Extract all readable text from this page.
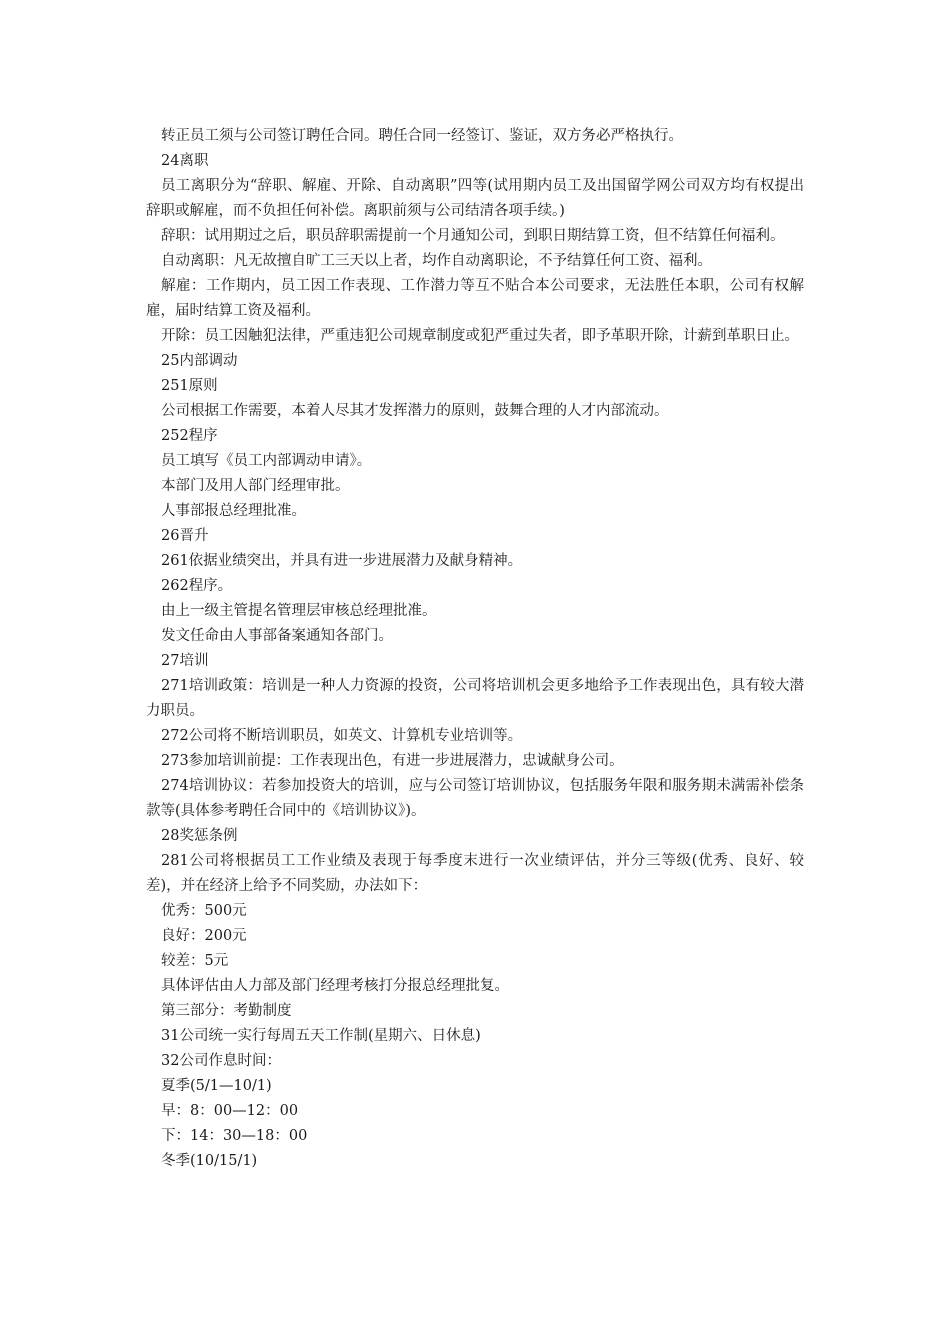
转正员工须与公司签订聘任合同。聘任合同一经签订、鉴证，双方务必严格执行。

24离职

员工离职分为“辞职、解雇、开除、自动离职”四等(试用期内员工及出国留学网公司双方均有权提出辞职或解雇，而不负担任何补偿。离职前须与公司结清各项手续。)

辞职：试用期过之后，职员辞职需提前一个月通知公司，到职日期结算工资，但不结算任何福利。

自动离职：凡无故擅自旷工三天以上者，均作自动离职论，不予结算任何工资、福利。

解雇：工作期内，员工因工作表现、工作潜力等互不贴合本公司要求，无法胜任本职，公司有权解雇，届时结算工资及福利。

开除：员工因触犯法律，严重违犯公司规章制度或犯严重过失者，即予革职开除，计薪到革职日止。

25内部调动

251原则

公司根据工作需要，本着人尽其才发挥潜力的原则，鼓舞合理的人才内部流动。

252程序

员工填写《员工内部调动申请》。

本部门及用人部门经理审批。

人事部报总经理批准。

26晋升

261依据业绩突出，并具有进一步进展潜力及献身精神。

262程序。

由上一级主管提名管理层审核总经理批准。

发文任命由人事部备案通知各部门。

27培训

271培训政策：培训是一种人力资源的投资，公司将培训机会更多地给予工作表现出色，具有较大潜力职员。

272公司将不断培训职员，如英文、计算机专业培训等。

273参加培训前提：工作表现出色，有进一步进展潜力，忠诚献身公司。

274培训协议：若参加投资大的培训，应与公司签订培训协议，包括服务年限和服务期未满需补偿条款等(具体参考聘任合同中的《培训协议》)。

28奖惩条例

281公司将根据员工工作业绩及表现于每季度末进行一次业绩评估，并分三等级(优秀、良好、较差)，并在经济上给予不同奖励，办法如下：

优秀：500元

良好：200元

较差：5元

具体评估由人力部及部门经理考核打分报总经理批复。

第三部分：考勤制度

31公司统一实行每周五天工作制(星期六、日休息)

32公司作息时间：

夏季(5/1—10/1)

早：8：00—12：00

下：14：30—18：00

冬季(10/15/1)
